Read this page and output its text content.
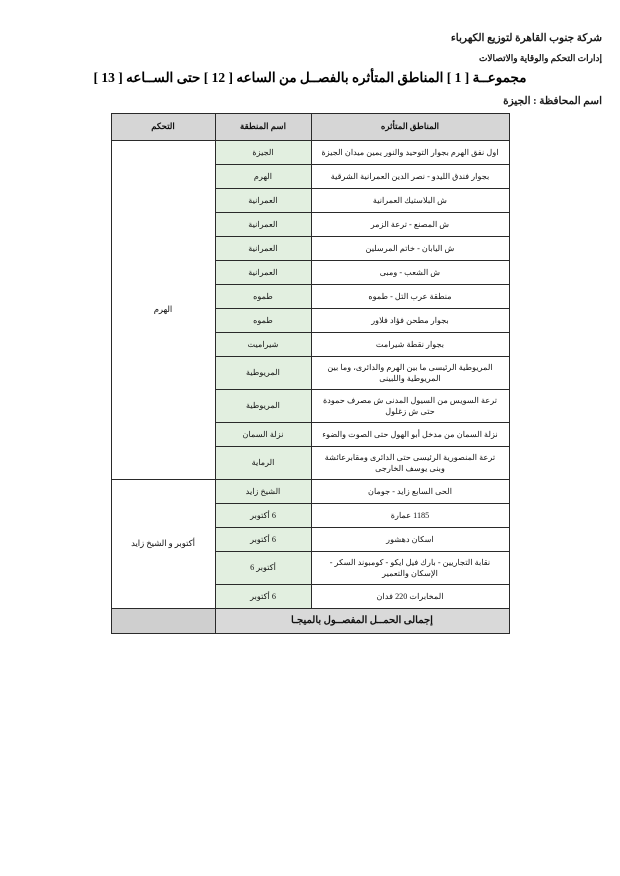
شركة جنوب القاهرة لتوزيع الكهرباء
إدارات التحكم والوقاية والاتصالات
مجموعــة [ 1 ] المناطق المتأثره بالفصــل من الساعه [ 12 ] حتى الســاعه [ 13 ]
اسم المحافظة : الجيزة
المناطق المتأثره	اسم المنطقة	التحكم
اول نفق الهرم بجوار التوحيد والنور يمين ميدان الجيزة	الجيزة	الهرم
بجوار فندق الليدو - نصر الدين العمرانية الشرقية	الهرم	
ش البلاستيك العمرانية	العمرانية	
ش المصنع - ترعة الزمر	العمرانية	
ش اليابان - خاتم المرسلين	العمرانية	
ش الشعب - ومبى	العمرانية	
منطقة عرب التل - طموه	طموه	
بجوار مطحن فؤاد فلاور	طموه	
بجوار نقطة شيرامت	شيراميت	
المريوطية الرئيسى ما بين الهرم والدائرى، وما بين المريوطية واللبينى	المريوطية	
ترعة السويس من السيول المدنى ش مصرف حمودة حتى ش زغلول	المريوطية	
نزلة السمان من مدخل أبو الهول حتى الصوت والضوء	نزلة السمان	
ترعة المنصورية الرئيسى حتى الدائرى ومقابرعائشة وبنى يوسف الخارجى	الرماية	
الحى السابع زايد - جومان	الشيخ زايد	أكتوبر و الشيخ زايد
1185 عمارة	6 أكتوبر	
اسكان دهشور	6 أكتوبر	
نقابة التجاريين - بارك فيل ايكو - كومبوند السكر - الإسكان والتعمير	أكتوبر 6	
المخابرات 220 فدان	6 أكتوبر	
إجمالى الحمــل المفصــول بالميجـا		
